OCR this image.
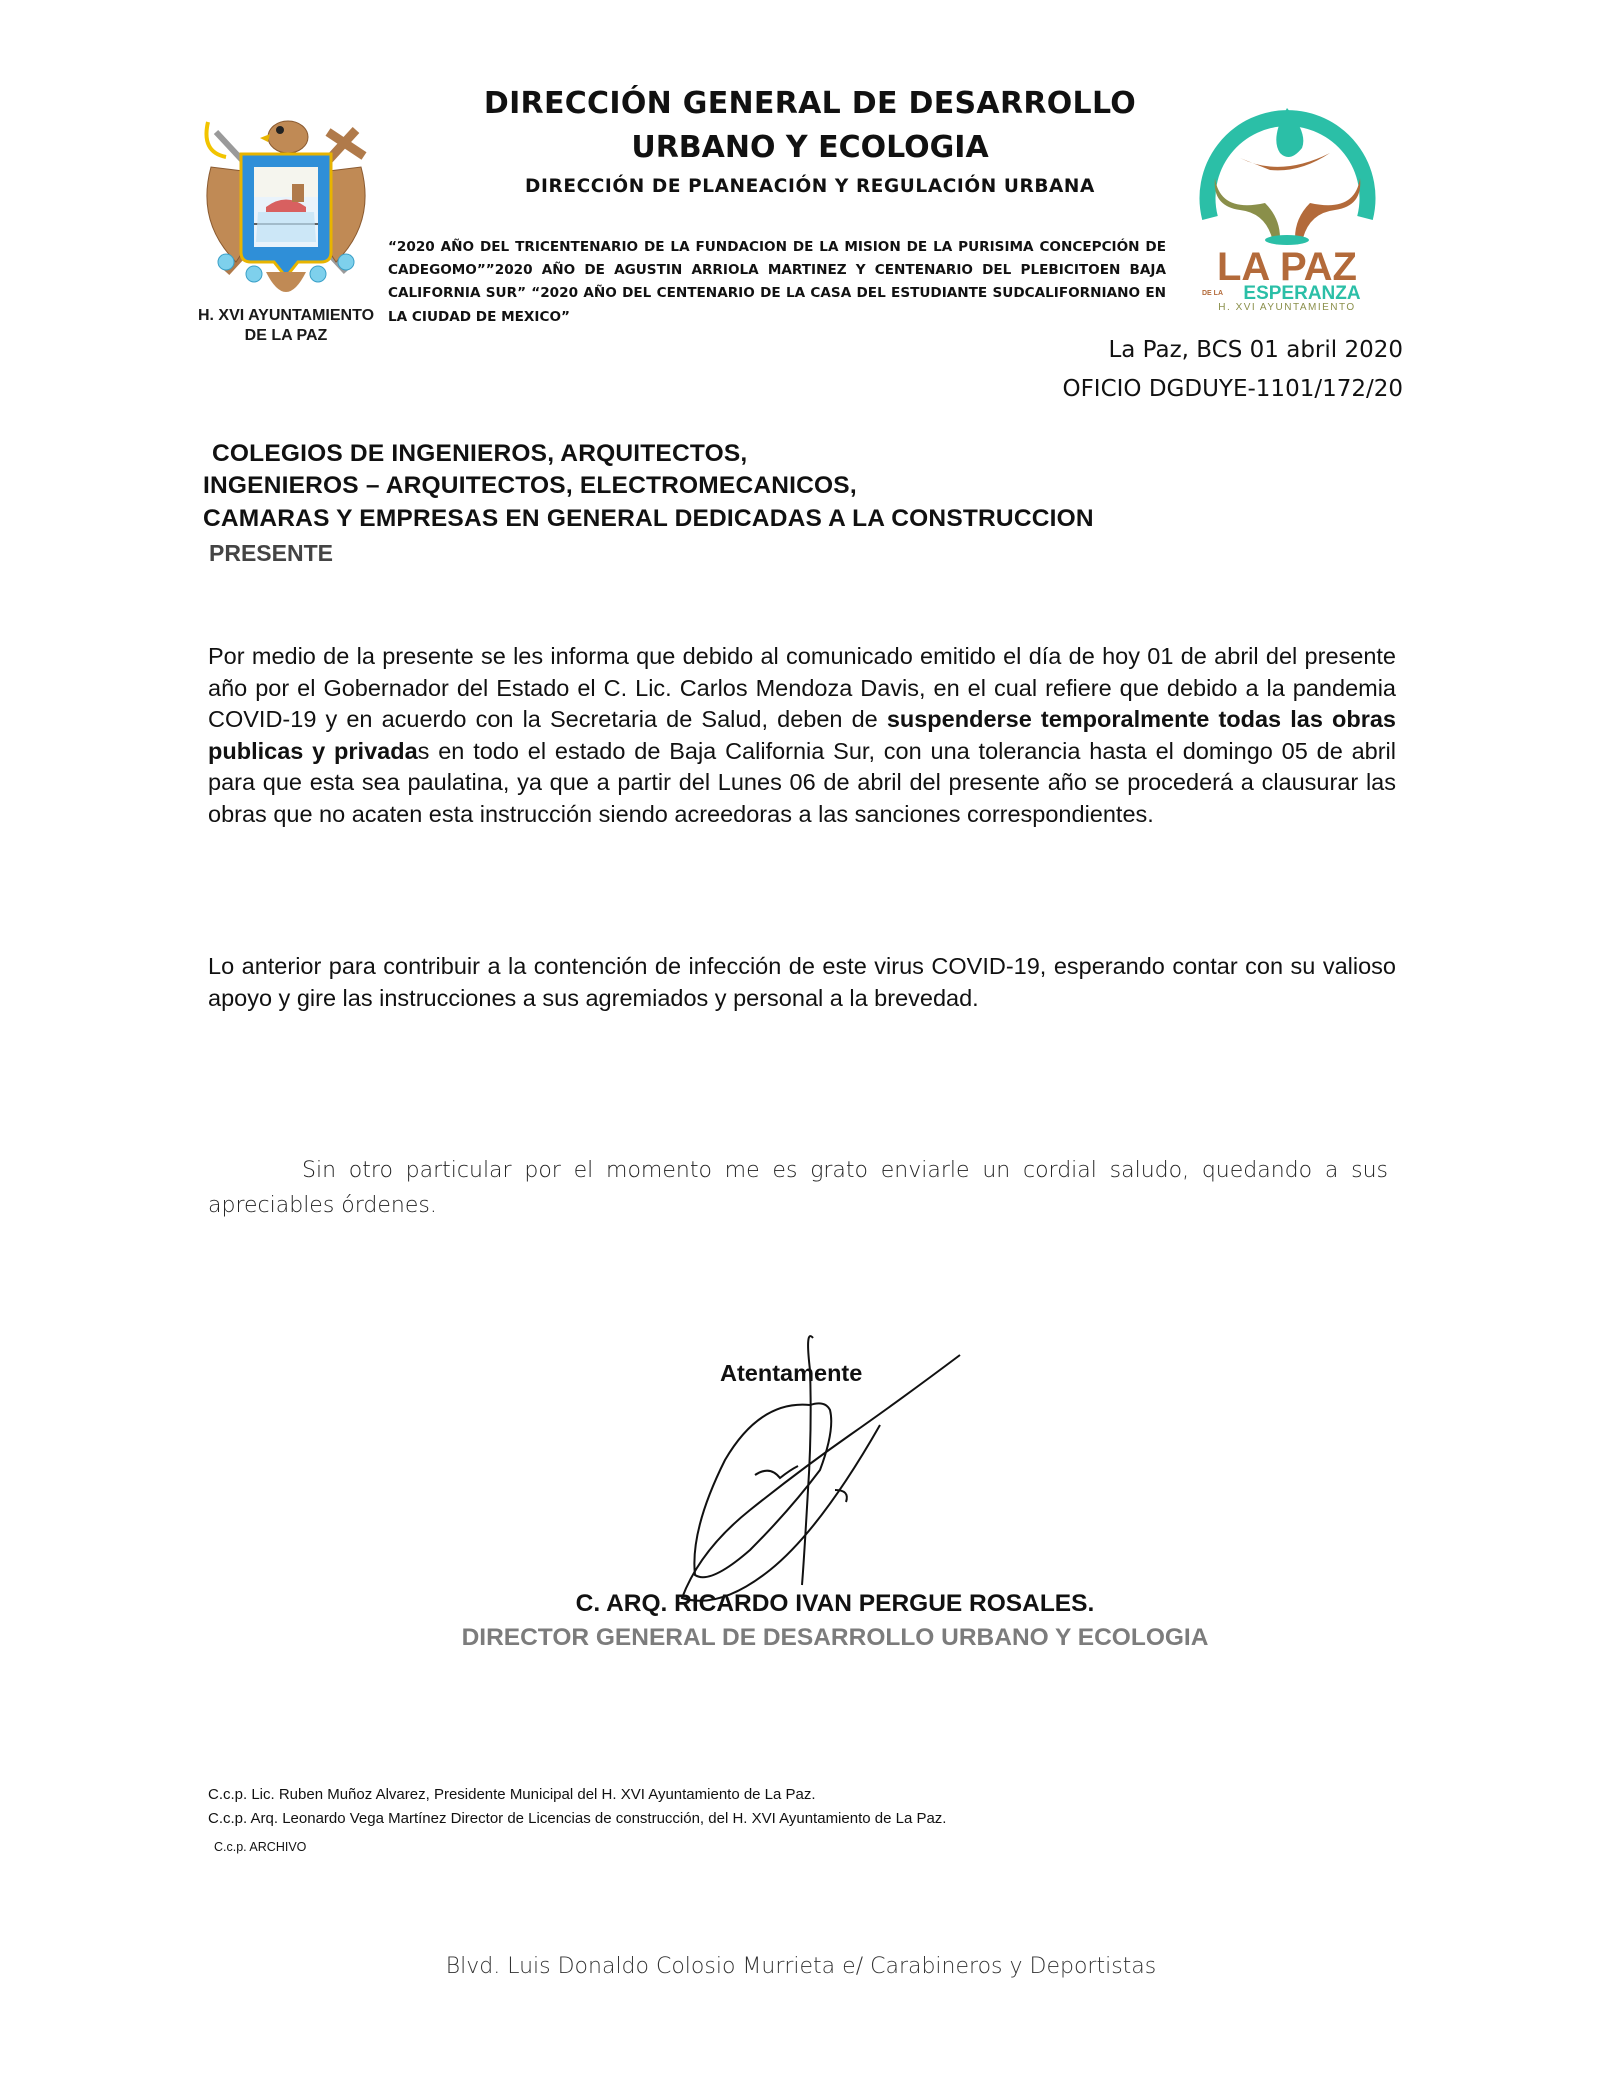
H. XVI AYUNTAMIENTO
DE LA PAZ
DIRECCIÓN GENERAL DE DESARROLLO
URBANO Y ECOLOGIA
DIRECCIÓN DE PLANEACIÓN Y REGULACIÓN URBANA
“2020 AÑO DEL TRICENTENARIO DE LA FUNDACION DE LA MISION DE LA PURISIMA CONCEPCIÓN DE CADEGOMO””2020 AÑO DE AGUSTIN ARRIOLA MARTINEZ Y CENTENARIO DEL PLEBICITOEN BAJA CALIFORNIA SUR” “2020 AÑO DEL CENTENARIO DE LA CASA DEL ESTUDIANTE SUDCALIFORNIANO EN LA CIUDAD DE MEXICO”
LA PAZ
DE LA ESPERANZA
H. XVI AYUNTAMIENTO
La Paz, BCS 01 abril 2020
OFICIO DGDUYE-1101/172/20
COLEGIOS DE INGENIEROS, ARQUITECTOS,
INGENIEROS – ARQUITECTOS, ELECTROMECANICOS,
CAMARAS Y EMPRESAS EN GENERAL DEDICADAS A LA CONSTRUCCION
PRESENTE
Por medio de la presente se les informa que debido al comunicado emitido el día de hoy 01 de abril del presente año por el Gobernador del Estado el C. Lic. Carlos Mendoza Davis, en el cual refiere que debido a la pandemia COVID-19 y en acuerdo con la Secretaria de Salud, deben de suspenderse temporalmente todas las obras publicas y privadas en todo el estado de Baja California Sur, con una tolerancia hasta el domingo 05 de abril para que esta sea paulatina, ya que a partir del Lunes 06 de abril del presente año se procederá a clausurar las obras que no acaten esta instrucción siendo acreedoras a las sanciones correspondientes.
Lo anterior para contribuir a la contención de infección de este virus COVID-19, esperando contar con su valioso apoyo y gire las instrucciones a sus agremiados y personal a la brevedad.
Sin otro particular por el momento me es grato enviarle un cordial saludo, quedando a sus apreciables órdenes.
Atentamente
C. ARQ. RICARDO IVAN PERGUE ROSALES.
DIRECTOR GENERAL DE DESARROLLO URBANO Y ECOLOGIA
C.c.p. Lic. Ruben Muñoz Alvarez, Presidente Municipal del H. XVI Ayuntamiento de La Paz.
C.c.p. Arq. Leonardo Vega Martínez Director de Licencias de construcción, del H. XVI Ayuntamiento de La Paz.
C.c.p. ARCHIVO
Blvd. Luis Donaldo Colosio Murrieta e/ Carabineros y Deportistas
